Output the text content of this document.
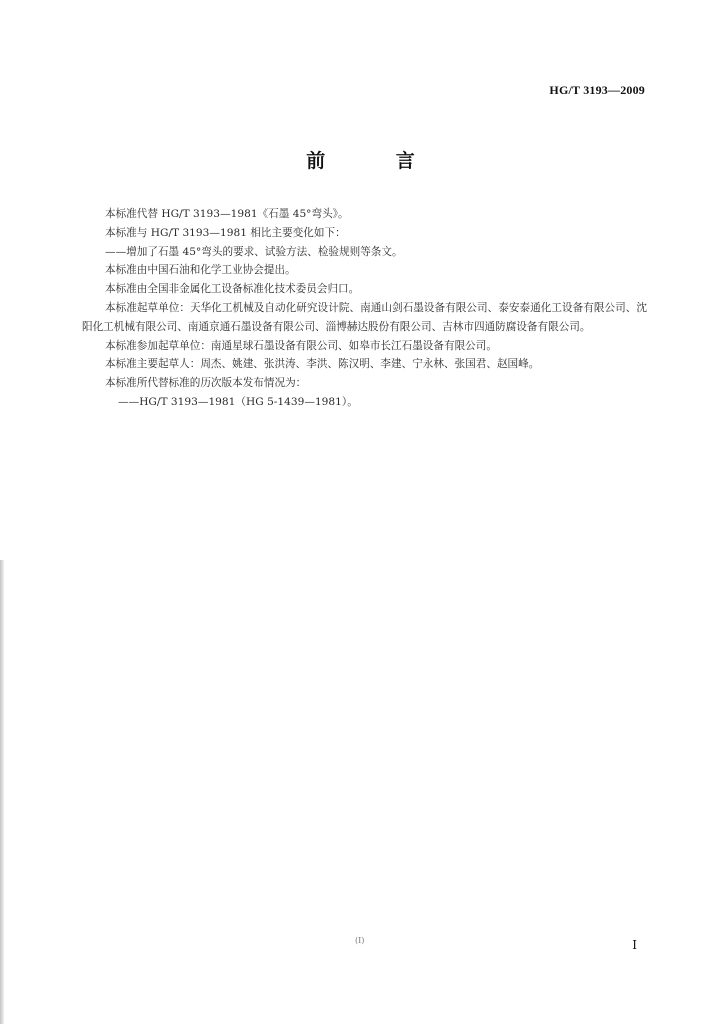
HG/T 3193—2009
前 言

本标准代替 HG/T 3193—1981《石墨 45°弯头》。

本标准与 HG/T 3193—1981 相比主要变化如下：

——增加了石墨 45°弯头的要求、试验方法、检验规则等条文。

本标准由中国石油和化学工业协会提出。

本标准由全国非金属化工设备标准化技术委员会归口。

本标准起草单位：天华化工机械及自动化研究设计院、南通山剑石墨设备有限公司、泰安泰通化工设备有限公司、沈阳化工机械有限公司、南通京通石墨设备有限公司、淄博赫达股份有限公司、吉林市四通防腐设备有限公司。

本标准参加起草单位：南通星球石墨设备有限公司、如皋市长江石墨设备有限公司。

本标准主要起草人：周杰、姚建、张洪涛、李洪、陈汉明、李建、宁永林、张国君、赵国峰。

本标准所代替标准的历次版本发布情况为：

——HG/T 3193—1981（HG 5-1439—1981）。

(I)	I
